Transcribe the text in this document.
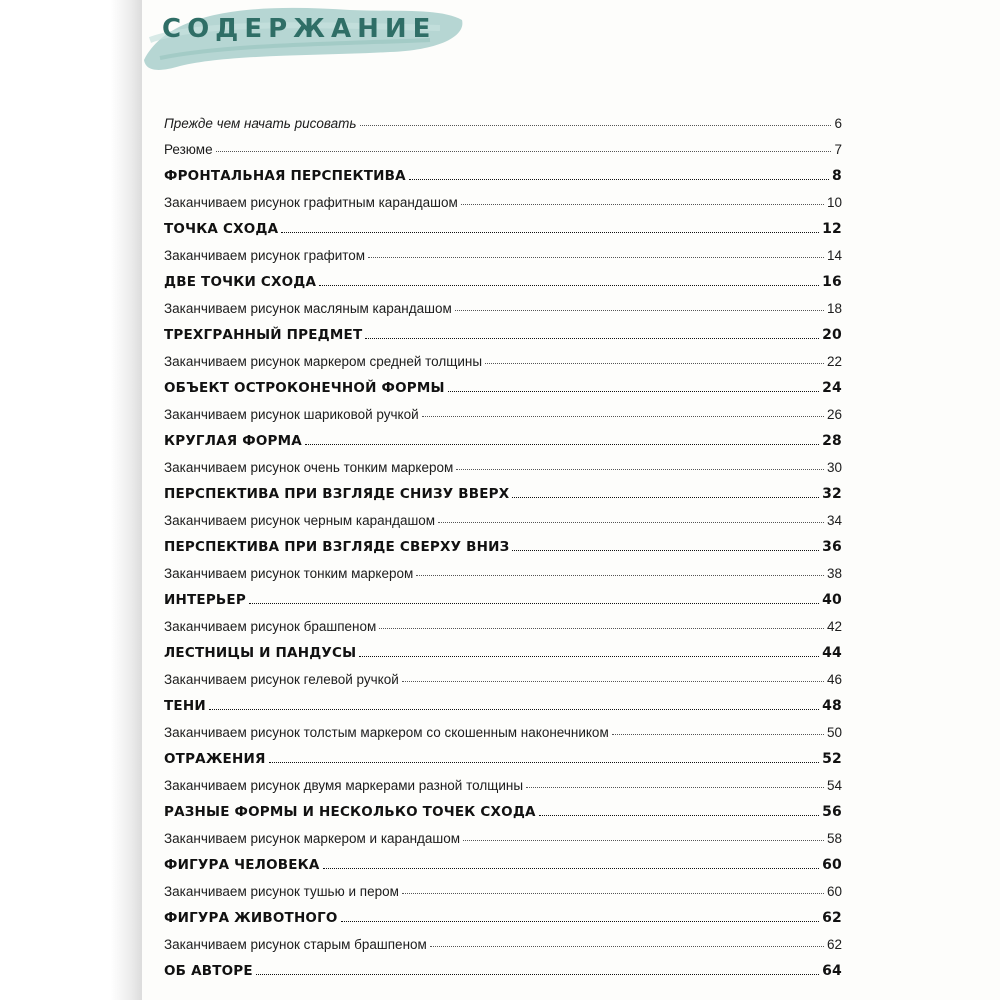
СОДЕРЖАНИЕ
Прежде чем начать рисовать	6
Резюме	7
ФРОНТАЛЬНАЯ ПЕРСПЕКТИВА	8
Заканчиваем рисунок графитным карандашом	10
ТОЧКА СХОДА	12
Заканчиваем рисунок графитом	14
ДВЕ ТОЧКИ СХОДА	16
Заканчиваем рисунок масляным карандашом	18
ТРЕХГРАННЫЙ ПРЕДМЕТ	20
Заканчиваем рисунок маркером средней толщины	22
ОБЪЕКТ ОСТРОКОНЕЧНОЙ ФОРМЫ	24
Заканчиваем рисунок шариковой ручкой	26
КРУГЛАЯ ФОРМА	28
Заканчиваем рисунок очень тонким маркером	30
ПЕРСПЕКТИВА ПРИ ВЗГЛЯДЕ СНИЗУ ВВЕРХ	32
Заканчиваем рисунок черным карандашом	34
ПЕРСПЕКТИВА ПРИ ВЗГЛЯДЕ СВЕРХУ ВНИЗ	36
Заканчиваем рисунок тонким маркером	38
ИНТЕРЬЕР	40
Заканчиваем рисунок брашпеном	42
ЛЕСТНИЦЫ И ПАНДУСЫ	44
Заканчиваем рисунок гелевой ручкой	46
ТЕНИ	48
Заканчиваем рисунок толстым маркером со скошенным наконечником	50
ОТРАЖЕНИЯ	52
Заканчиваем рисунок двумя маркерами разной толщины	54
РАЗНЫЕ ФОРМЫ И НЕСКОЛЬКО ТОЧЕК СХОДА	56
Заканчиваем рисунок маркером и карандашом	58
ФИГУРА ЧЕЛОВЕКА	60
Заканчиваем рисунок тушью и пером	60
ФИГУРА ЖИВОТНОГО	62
Заканчиваем рисунок старым брашпеном	62
ОБ АВТОРЕ	64
